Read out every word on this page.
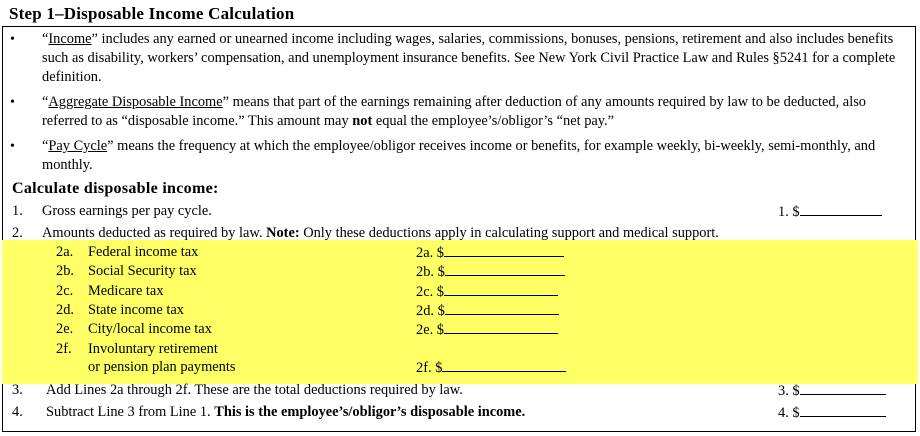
Step 1–Disposable Income Calculation
• “Income” includes any earned or unearned income including wages, salaries, commissions, bonuses, pensions, retirement and also includes benefits such as disability, workers’ compensation, and unemployment insurance benefits. See New York Civil Practice Law and Rules §5241 for a complete definition.
• “Aggregate Disposable Income” means that part of the earnings remaining after deduction of any amounts required by law to be deducted, also referred to as “disposable income.” This amount may not equal the employee’s/obligor’s “net pay.”
• “Pay Cycle” means the frequency at which the employee/obligor receives income or benefits, for example weekly, bi-weekly, semi-monthly, and monthly.
Calculate disposable income:
1. Gross earnings per pay cycle.	1. $
2. Amounts deducted as required by law. Note: Only these deductions apply in calculating support and medical support.
2a. Federal income tax	2a. $
2b. Social Security tax	2b. $
2c. Medicare tax	2c. $
2d. State income tax	2d. $
2e. City/local income tax	2e. $
2f. Involuntary retirement
or pension plan payments	2f. $
3. Add Lines 2a through 2f. These are the total deductions required by law.	3. $
4. Subtract Line 3 from Line 1. This is the employee’s/obligor’s disposable income.	4. $
